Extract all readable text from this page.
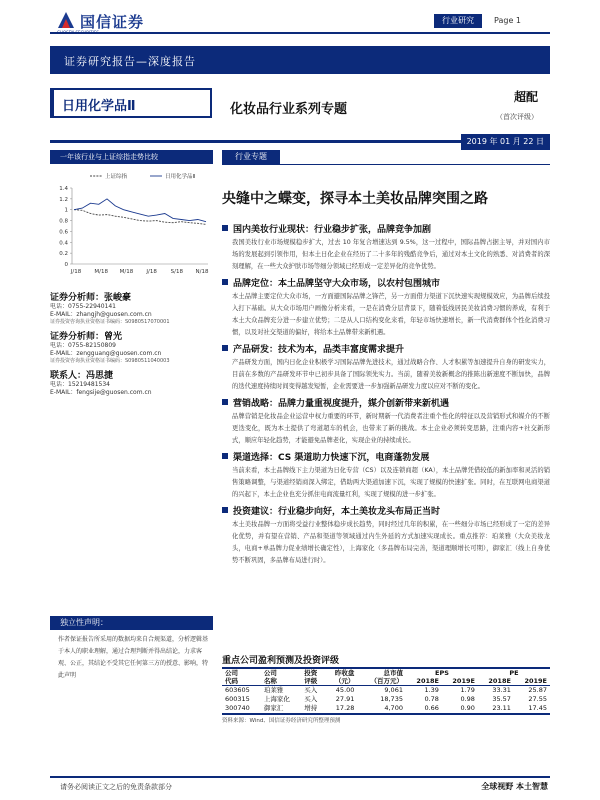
国信证券	行业研究	Page 1
证券研究报告—深度报告
日用化学品Ⅱ	化妆品行业系列专题
超配
（首次评级）
2019 年 01 月 22 日
一年该行业与上证综指走势比较
0
0.2
0.4
0.6
0.8
1
1.2
1.4
J/18 M/18 M/18 J/18	S/18 N/18
上证综指	日用化学品Ⅱ
证券分析师：张峻豪
电话：0755-22940141
E-MAIL：zhangjh@guosen.com.cn
证券投资咨询执业资格证书编码：S0980517070001
证券分析师：曾光
电话：0755-82150809
E-MAIL：zengguang@guosen.com.cn
证券投资咨询执业资格证书编码：S0980511040003
联系人：冯思捷
电话：15219481534
E-MAIL：fengsije@guosen.com.cn
独立性声明：
作者保证报告所采用的数据均来自合规渠道，分析逻辑基于本人的职业理解，通过合理判断并得出结论，力求客观、公正，其结论不受其它任何第三方的授意、影响，特此声明
行业专题
央缝中之蝶变，探寻本土美妆品牌突围之路
国内美妆行业现状：行业稳步扩张，品牌竞争加剧
我国美妆行业市场规模稳步扩大，过去 10 年复合增速达到 9.5%，这一过程中，国际品牌占据主导，并对国内市场的发展起到引领作用，但本土日化企业在经历了二十多年的残酷竞争后，通过对本土文化的熟悉、对消费者的深刻理解，在一些大众护肤市场等细分领域已经形成一定差异化的竞争优势。
品牌定位：本土品牌坚守大众市场，以农村包围城市
本土品牌主要定位大众市场，一方面避国际品牌之锋芒，另一方面借力渠道下沉快速实现规模效应，为品牌后续投入打下基础。从大众市场用户画像分析来看，一是在消费分层背景下，随着低线居民美妆消费习惯的养成，有利于本土大众品牌充分进一步建立优势；二是从人口结构变化来看，年轻市场快速增长，新一代消费群体个性化消费习惯，以及对社交渠道的偏好，将给本土品牌带来新机遇。
产品研发：技术为本，品类丰富度需求提升
产品研发方面，国内日化企业积极学习国际品牌先进技术，通过战略合作、人才积累等加速提升自身的研发实力，目前在多数的产品研发环节中已初步具备了国际领先实力。当前，随着美妆新概念的推陈出新速度不断加快，品牌的迭代速度持续时间变得越发短暂，企业需要进一步加强新品研发力度以应对不断的变化。
营销战略：品牌力量重视度提升，媒介创新带来新机遇
品牌营销是化妆品企业运营中权力重要的环节，新时期新一代消费者注重个性化的特征以及营销形式和媒介的不断更迭变化，既为本土提供了弯道超车的机会，也带来了新的挑战。本土企业必须转变思路，注重内容+社交新形式，顺应年轻化趋势，才能避免品牌老化，实现企业的持续成长。
渠道选择：CS 渠道助力快速下沉，电商蓬勃发展
当前来看，本土品牌线下主力渠道为日化专营（CS）以及连锁商超（KA），本土品牌凭借较低的新加率和灵活的销售策略调整，与渠道经销商深入绑定，借助两大渠道加速下沉，实现了规模的快速扩张。同时，在互联网电商渠道的兴起下，本土企业也充分抓住电商流量红利，实现了规模的进一步扩张。
投资建议：行业稳步向好，本土美妆龙头布局正当时
本土美妆品牌一方面将受益行业整体稳步成长趋势，同时经过几年的积累，在一些细分市场已经形成了一定的差异化优势，并有望在营销、产品和渠道等领域通过内生外延的方式加速实现成长。重点推荐：珀莱雅（大众美妆龙头，电商+单品牌力促业绩增长确定性），上海家化（多品牌布局完善，渠道理顺增长可期），御家汇（线上自身优势不断巩固，多品牌布局进行时）。
重点公司盈利预测及投资评级
公司	公司	投资	昨收盘	总市值	EPS		PE	
代码	名称	评级	（元）	（百万元）	2018E	2019E	2018E	2019E
603605	珀莱雅	买入	45.00	9,061	1.39	1.79	33.31	25.87
600315	上海家化	买入	27.91	18,735	0.78	0.98	35.57	27.55
300740	御家汇	增持	17.28	4,700	0.66	0.90	23.11	17.45
资料来源：Wind、国信证券经济研究所整理预测
请务必阅读正文之后的免责条款部分	全球视野 本土智慧
